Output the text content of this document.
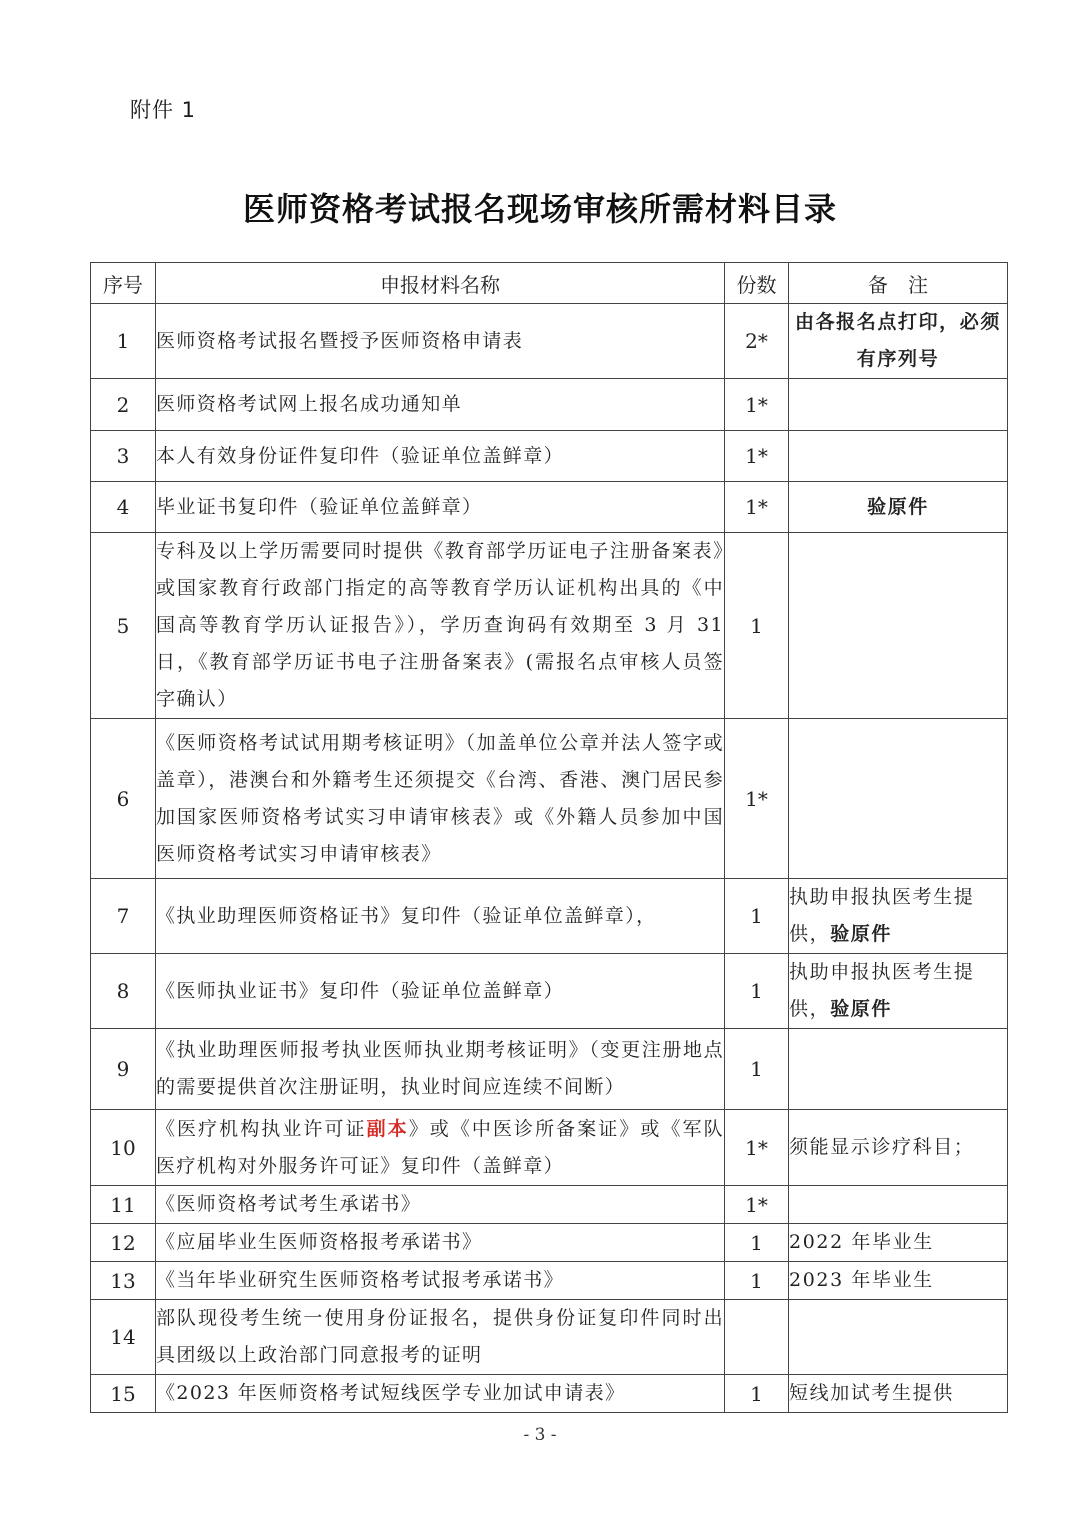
附件 1
医师资格考试报名现场审核所需材料目录
序号	申报材料名称	份数	备　注
1	医师资格考试报名暨授予医师资格申请表	2*	由各报名点打印，必须有序列号
2	医师资格考试网上报名成功通知单	1*	
3	本人有效身份证件复印件（验证单位盖鲜章）	1*	
4	毕业证书复印件（验证单位盖鲜章）	1*	验原件
5	专科及以上学历需要同时提供《教育部学历证电子注册备案表》或国家教育行政部门指定的高等教育学历认证机构出具的《中国高等教育学历认证报告》），学历查询码有效期至 3 月 31 日，《教育部学历证书电子注册备案表》(需报名点审核人员签字确认）	1	
6	《医师资格考试试用期考核证明》（加盖单位公章并法人签字或盖章），港澳台和外籍考生还须提交《台湾、香港、澳门居民参加国家医师资格考试实习申请审核表》或《外籍人员参加中国医师资格考试实习申请审核表》	1*	
7	《执业助理医师资格证书》复印件（验证单位盖鲜章），	1	执助申报执医考生提供，验原件
8	《医师执业证书》复印件（验证单位盖鲜章）	1	执助申报执医考生提供，验原件
9	《执业助理医师报考执业医师执业期考核证明》（变更注册地点的需要提供首次注册证明，执业时间应连续不间断）	1	
10	《医疗机构执业许可证副本》或《中医诊所备案证》或《军队医疗机构对外服务许可证》复印件（盖鲜章）	1*	须能显示诊疗科目；
11	《医师资格考试考生承诺书》	1*	
12	《应届毕业生医师资格报考承诺书》	1	2022 年毕业生
13	《当年毕业研究生医师资格考试报考承诺书》	1	2023 年毕业生
14	部队现役考生统一使用身份证报名，提供身份证复印件同时出具团级以上政治部门同意报考的证明		
15	《2023 年医师资格考试短线医学专业加试申请表》	1	短线加试考生提供
- 3 -
